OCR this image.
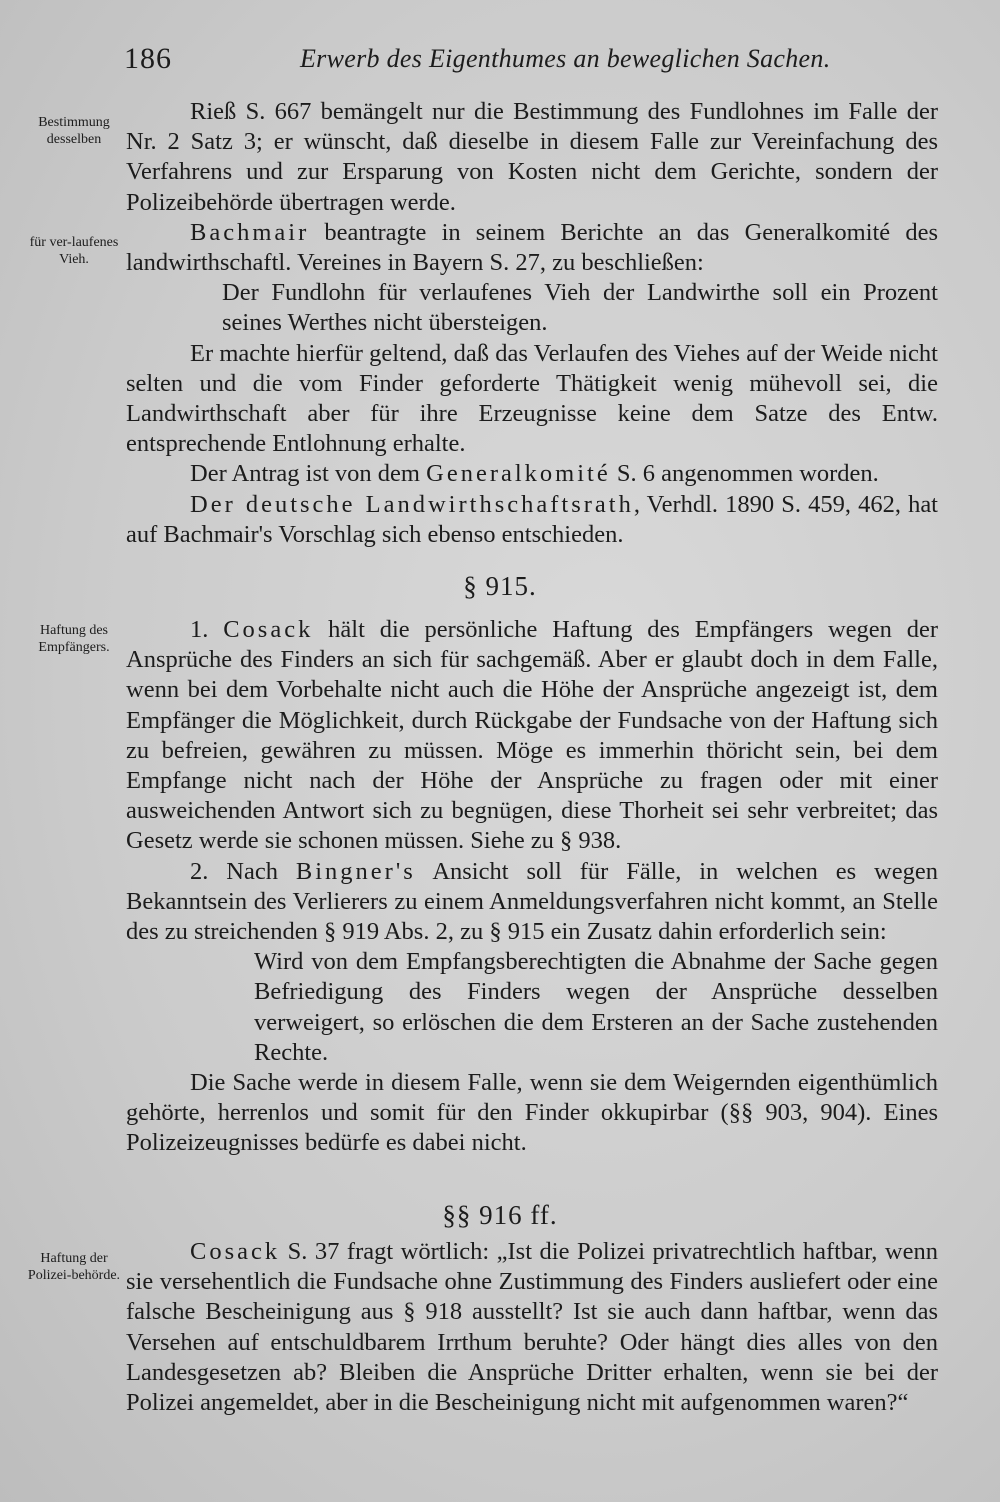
186	Erwerb des Eigenthumes an beweglichen Sachen.
Bestimmung desselben
für ver-laufenes Vieh.
Haftung des Empfängers.
Haftung der Polizei-behörde.

Rieß S. 667 bemängelt nur die Bestimmung des Fundlohnes im Falle der Nr. 2 Satz 3; er wünscht, daß dieselbe in diesem Falle zur Vereinfachung des Verfahrens und zur Ersparung von Kosten nicht dem Gerichte, sondern der Polizeibehörde übertragen werde.

Bachmair beantragte in seinem Berichte an das Generalkomité des landwirthschaftl. Vereines in Bayern S. 27, zu beschließen:

Der Fundlohn für verlaufenes Vieh der Landwirthe soll ein Prozent seines Werthes nicht übersteigen.

Er machte hierfür geltend, daß das Verlaufen des Viehes auf der Weide nicht selten und die vom Finder geforderte Thätigkeit wenig mühevoll sei, die Landwirthschaft aber für ihre Erzeugnisse keine dem Satze des Entw. entsprechende Entlohnung erhalte.

Der Antrag ist von dem Generalkomité S. 6 angenommen worden.

Der deutsche Landwirthschaftsrath, Verhdl. 1890 S. 459, 462, hat auf Bachmair's Vorschlag sich ebenso entschieden.

§ 915.

1. Cosack hält die persönliche Haftung des Empfängers wegen der Ansprüche des Finders an sich für sachgemäß. Aber er glaubt doch in dem Falle, wenn bei dem Vorbehalte nicht auch die Höhe der Ansprüche angezeigt ist, dem Empfänger die Möglichkeit, durch Rückgabe der Fundsache von der Haftung sich zu befreien, gewähren zu müssen. Möge es immerhin thöricht sein, bei dem Empfange nicht nach der Höhe der Ansprüche zu fragen oder mit einer ausweichenden Antwort sich zu begnügen, diese Thorheit sei sehr verbreitet; das Gesetz werde sie schonen müssen. Siehe zu § 938.

2. Nach Bingner's Ansicht soll für Fälle, in welchen es wegen Bekanntsein des Verlierers zu einem Anmeldungsverfahren nicht kommt, an Stelle des zu streichenden § 919 Abs. 2, zu § 915 ein Zusatz dahin erforderlich sein:

Wird von dem Empfangsberechtigten die Abnahme der Sache gegen Befriedigung des Finders wegen der Ansprüche desselben verweigert, so erlöschen die dem Ersteren an der Sache zustehenden Rechte.

Die Sache werde in diesem Falle, wenn sie dem Weigernden eigenthümlich gehörte, herrenlos und somit für den Finder okkupirbar (§§ 903, 904). Eines Polizeizeugnisses bedürfe es dabei nicht.

§§ 916 ff.

Cosack S. 37 fragt wörtlich: „Ist die Polizei privatrechtlich haftbar, wenn sie versehentlich die Fundsache ohne Zustimmung des Finders ausliefert oder eine falsche Bescheinigung aus § 918 ausstellt? Ist sie auch dann haftbar, wenn das Versehen auf entschuldbarem Irrthum beruhte? Oder hängt dies alles von den Landesgesetzen ab? Bleiben die Ansprüche Dritter erhalten, wenn sie bei der Polizei angemeldet, aber in die Bescheinigung nicht mit aufgenommen waren?“
